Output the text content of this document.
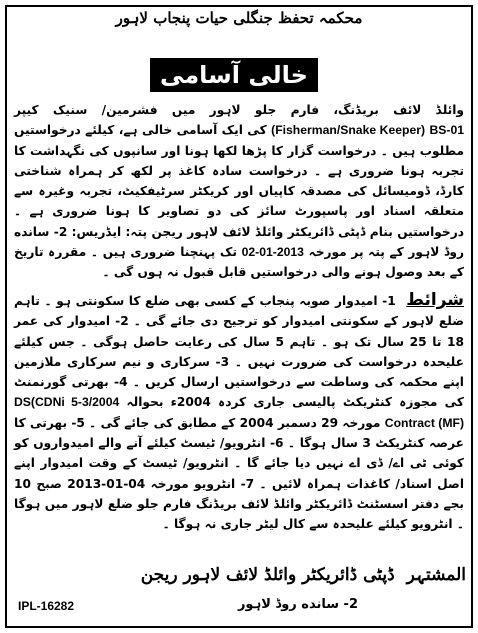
محکمہ تحفظ جنگلی حیات پنجاب لاہور
خالی آسامی
وائلڈ لائف بریڈنگ، فارم جلو لاہور میں فشرمین/ سنیک کیپر (Fisherman/Snake Keeper) BS-01 کی ایک آسامی خالی ہے، کیلئے درخواستیں مطلوب ہیں ۔ درخواست گزار کا پڑھا لکھا ہونا اور سانپوں کی نگہداشت کا تجربہ ہونا ضروری ہے ۔ درخواست سادہ کاغذ پر لکھ کر ہمراہ شناختی کارڈ، ڈومیسائل کی مصدقہ کاپیاں اور کریکٹر سرٹیفکیٹ، تجربہ وغیرہ سے متعلقہ اسناد اور پاسپورٹ سائز کی دو تصاویر کا ہونا ضروری ہے ۔ درخواستیں بنام ڈپٹی ڈائریکٹر وائلڈ لائف لاہور ریجن پتہ: ایڈریس: 2- سانده روڈ لاہور کے پتہ پر مورخہ 02-01-2013 تک پہنچنا ضروری ہیں ۔ مقررہ تاریخ کے بعد وصول ہونے والی درخواستیں قابل قبول نہ ہوں گی ۔
شرائط 1- امیدوار صوبہ پنجاب کے کسی بھی ضلع کا سکونتی ہو ۔ تاہم ضلع لاہور کے سکونتی امیدوار کو ترجیح دی جائے گی ۔ 2- امیدوار کی عمر 18 تا 25 سال تک ہو ۔ تاہم 5 سال کی رعایت حاصل ہوگی ۔ جس کیلئے علیحدہ درخواست کی ضرورت نہیں ۔ 3- سرکاری و نیم سرکاری ملازمین اپنے محکمہ کی وساطت سے درخواستیں ارسال کریں ۔ 4- بھرتی گورنمنٹ کی مجوزہ کنٹریکٹ پالیسی جاری کردہ 2004ء بحوالہ DS(CDNi 5-3/2004 Contract (MF) مورخہ 29 دسمبر 2004 کے مطابق کی جائے گی ۔ 5- بھرتی کا عرصہ کنٹریکٹ 3 سال ہوگا ۔ 6- انٹرویو/ ٹیسٹ کیلئے آنے والے امیدواروں کو کوئی ٹی اے/ ڈی اے نہیں دیا جائے گا ۔ انٹرویو/ ٹیسٹ کے وقت امیدوار اپنے اصل اسناد/ کاغذات ہمراہ لائیں ۔ 7- انٹرویو مورخہ 04-01-2013 صبح 10 بجے دفتر اسسٹنٹ ڈائریکٹر وائلڈ لائف بریڈنگ فارم جلو ضلع لاہور میں ہوگا ۔ انٹرویو کیلئے علیحدہ سے کال لیٹر جاری نہ ہوگا ۔
المشتہر ڈپٹی ڈائریکٹر وائلڈ لائف لاہور ریجن
2- سانده روڈ لاہور
IPL-16282
